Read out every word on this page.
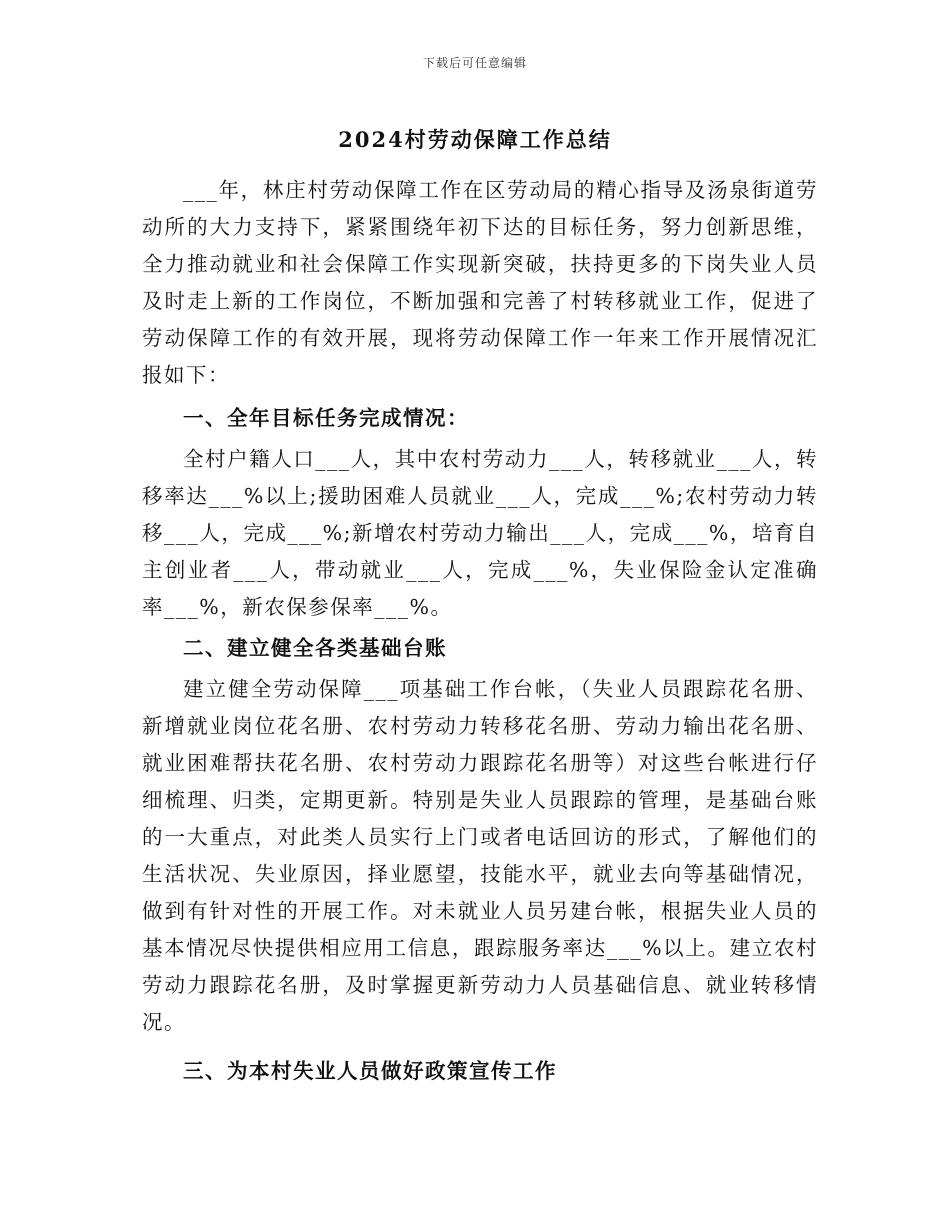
下载后可任意编辑
2024村劳动保障工作总结

___年，林庄村劳动保障工作在区劳动局的精心指导及汤泉街道劳动所的大力支持下，紧紧围绕年初下达的目标任务，努力创新思维，全力推动就业和社会保障工作实现新突破，扶持更多的下岗失业人员及时走上新的工作岗位，不断加强和完善了村转移就业工作，促进了劳动保障工作的有效开展，现将劳动保障工作一年来工作开展情况汇报如下：

一、全年目标任务完成情况：

全村户籍人口___人，其中农村劳动力___人，转移就业___人，转移率达___%以上;援助困难人员就业___人，完成___%;农村劳动力转移___人，完成___%;新增农村劳动力输出___人，完成___%，培育自主创业者___人，带动就业___人，完成___%，失业保险金认定准确率___%，新农保参保率___%。

二、建立健全各类基础台账

建立健全劳动保障___项基础工作台帐，（失业人员跟踪花名册、新增就业岗位花名册、农村劳动力转移花名册、劳动力输出花名册、就业困难帮扶花名册、农村劳动力跟踪花名册等）对这些台帐进行仔细梳理、归类，定期更新。特别是失业人员跟踪的管理，是基础台账的一大重点，对此类人员实行上门或者电话回访的形式，了解他们的生活状况、失业原因，择业愿望，技能水平，就业去向等基础情况，做到有针对性的开展工作。对未就业人员另建台帐，根据失业人员的基本情况尽快提供相应用工信息，跟踪服务率达___%以上。建立农村劳动力跟踪花名册，及时掌握更新劳动力人员基础信息、就业转移情况。

三、为本村失业人员做好政策宣传工作
